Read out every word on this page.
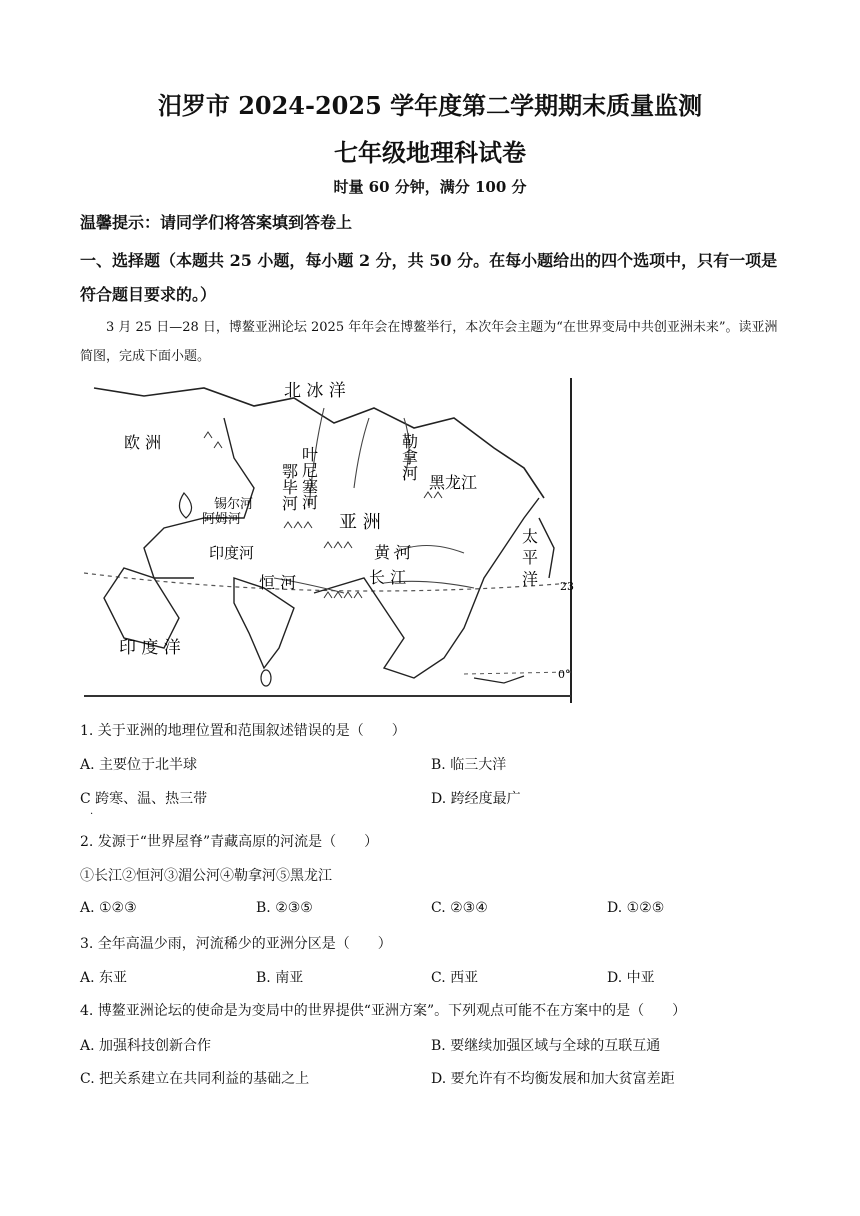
汨罗市 2024-2025 学年度第二学期期末质量监测
七年级地理科试卷
时量 60 分钟，满分 100 分
温馨提示：请同学们将答案填到答卷上
一、选择题（本题共 25 小题，每小题 2 分，共 50 分。在每小题给出的四个选项中，只有一项是符合题目要求的。）
3 月 25 日—28 日，博鳌亚洲论坛 2025 年年会在博鳌举行，本次年会主题为“在世界变局中共创亚洲未来”。读亚洲简图，完成下面小题。
北 冰 洋
欧 洲
叶尼塞河
鄂毕河
勒拿河
黑龙江
亚 洲
黄 河
长 江	太 平 洋
印 度 洋
恒 河
印度河
阿姆河
锡尔河
23
0°
1. 关于亚洲的地理位置和范围叙述错误的是（　　）
A. 主要位于北半球	B. 临三大洋
C 跨寒、温、热三带	D. 跨经度最广
.
2. 发源于“世界屋脊”青藏高原的河流是（　　）
①长江②恒河③湄公河④勒拿河⑤黑龙江
A. ①②③	B. ②③⑤	C. ②③④	D. ①②⑤
3. 全年高温少雨，河流稀少的亚洲分区是（　　）
A. 东亚	B. 南亚	C. 西亚	D. 中亚
4. 博鳌亚洲论坛的使命是为变局中的世界提供“亚洲方案”。下列观点可能不在方案中的是（　　）
A. 加强科技创新合作	B. 要继续加强区域与全球的互联互通
C. 把关系建立在共同利益的基础之上	D. 要允许有不均衡发展和加大贫富差距
